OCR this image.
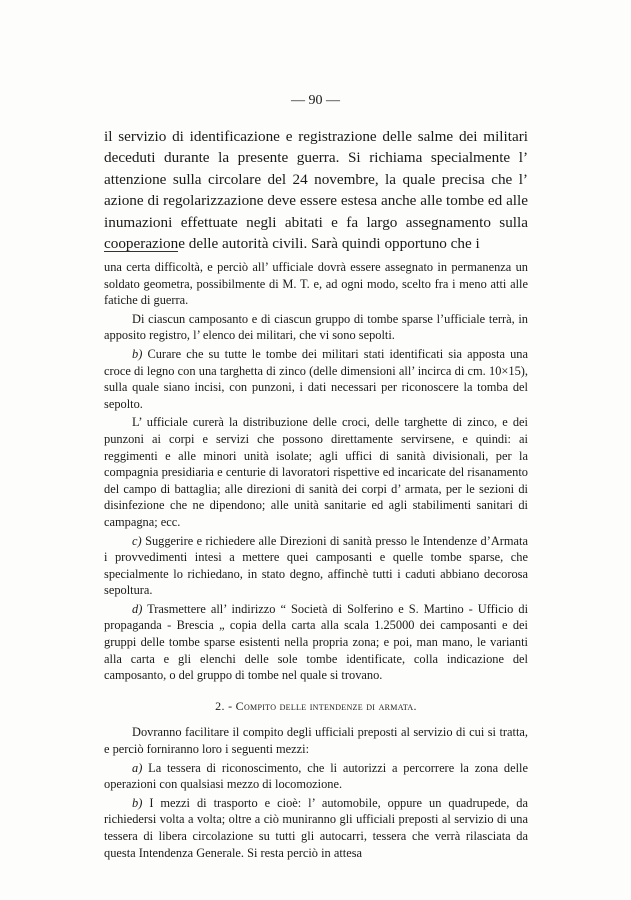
— 90 —

il servizio di identificazione e registrazione delle salme dei militari deceduti durante la presente guerra. Si richiama specialmente l’ attenzione sulla circolare del 24 novembre, la quale precisa che l’ azione di regolarizzazione deve essere estesa anche alle tombe ed alle inumazioni effettuate negli abitati e fa largo assegnamento sulla cooperazione delle autorità civili. Sarà quindi opportuno che i

una certa difficoltà, e perciò all’ ufficiale dovrà essere assegnato in permanenza un soldato geometra, possibilmente di M. T. e, ad ogni modo, scelto fra i meno atti alle fatiche di guerra.

Di ciascun camposanto e di ciascun gruppo di tombe sparse l’ufficiale terrà, in apposito registro, l’ elenco dei militari, che vi sono sepolti.

b) Curare che su tutte le tombe dei militari stati identificati sia apposta una croce di legno con una targhetta di zinco (delle dimensioni all’ incirca di cm. 10×15), sulla quale siano incisi, con punzoni, i dati necessari per riconoscere la tomba del sepolto.

L’ ufficiale curerà la distribuzione delle croci, delle targhette di zinco, e dei punzoni ai corpi e servizi che possono direttamente servirsene, e quindi: ai reggimenti e alle minori unità isolate; agli uffici di sanità divisionali, per la compagnia presidiaria e centurie di lavoratori rispettive ed incaricate del risanamento del campo di battaglia; alle direzioni di sanità dei corpi d’ armata, per le sezioni di disinfezione che ne dipendono; alle unità sanitarie ed agli stabilimenti sanitari di campagna; ecc.

c) Suggerire e richiedere alle Direzioni di sanità presso le Intendenze d’Armata i provvedimenti intesi a mettere quei camposanti e quelle tombe sparse, che specialmente lo richiedano, in stato degno, affinchè tutti i caduti abbiano decorosa sepoltura.

d) Trasmettere all’ indirizzo “ Società di Solferino e S. Martino - Ufficio di propaganda - Brescia „ copia della carta alla scala 1.25000 dei camposanti e dei gruppi delle tombe sparse esistenti nella propria zona; e poi, man mano, le varianti alla carta e gli elenchi delle sole tombe identificate, colla indicazione del camposanto, o del gruppo di tombe nel quale si trovano.

2. - Compito delle intendenze di armata.

Dovranno facilitare il compito degli ufficiali preposti al servizio di cui si tratta, e perciò forniranno loro i seguenti mezzi:

a) La tessera di riconoscimento, che li autorizzi a percorrere la zona delle operazioni con qualsiasi mezzo di locomozione.

b) I mezzi di trasporto e cioè: l’ automobile, oppure un quadrupede, da richiedersi volta a volta; oltre a ciò muniranno gli ufficiali preposti al servizio di una tessera di libera circolazione su tutti gli autocarri, tessera che verrà rilasciata da questa Intendenza Generale. Si resta perciò in attesa
